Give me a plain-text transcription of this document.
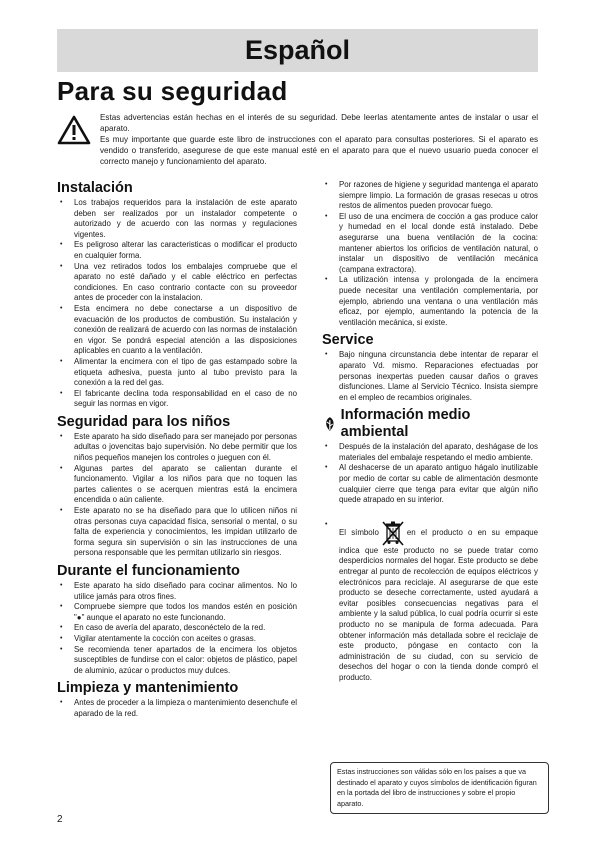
Español
Para su seguridad

Estas advertencias están hechas en el interés de su seguridad. Debe leerlas atentamente antes de instalar o usar el aparato.

Es muy importante que guarde este libro de instrucciones con el aparato para consultas posteriores. Si el aparato es vendido o transferido, asegurese de que este manual esté en el aparato para que el nuevo usuario pueda conocer el correcto manejo y funcionamiento del aparato.

Instalación
• Los trabajos requeridos para la instalación de este aparato deben ser realizados por un instalador competente o autorizado y de acuerdo con las normas y regulaciones vigentes.
• Es peligroso alterar las caracteristicas o modificar el producto en cualquier forma.
• Una vez retirados todos los embalajes compruebe que el aparato no esté dañado y el cable eléctrico en perfectas condiciones. En caso contrario contacte con su proveedor antes de proceder con la instalacion.
• Esta encimera no debe conectarse a un dispositivo de evacuación de los productos de combustión. Su instalación y conexión de realizará de acuerdo con las normas de instalación en vigor. Se pondrá especial atención a las disposiciones aplicables en cuanto a la ventilación.
• Alimentar la encimera con el tipo de gas estampado sobre la etiqueta adhesiva, puesta junto al tubo previsto para la conexión a la red del gas.
• El fabricante declina toda responsabilidad en el caso de no seguir las normas en vigor.
Seguridad para los niños
• Este aparato ha sido diseñado para ser manejado por personas adultas o jovencitas bajo supervisión. No debe permitir que los niños pequeños manejen los controles o jueguen con él.
• Algunas partes del aparato se calientan durante el funcionamento. Vigilar a los niños para que no toquen las partes calientes o se acerquen mientras está la encimera encendida o aún caliente.
• Este aparato no se ha diseñado para que lo utilicen niños ni otras personas cuya capacidad física, sensorial o mental, o su falta de experiencia y conocimientos, les impidan utilizarlo de forma segura sin supervisión o sin las instrucciones de una persona responsable que les permitan utilizarlo sin riesgos.
Durante el funcionamiento
• Este aparato ha sido diseñado para cocinar alimentos. No lo utilice jamás para otros fines.
• Compruebe siempre que todos los mandos estén en posición "●" aunque el aparato no este funcionando.
• En caso de avería del aparato, desconéctelo de la red.
• Vigilar atentamente la cocción con aceites o grasas.
• Se recomienda tener apartados de la encimera los objetos susceptibles de fundirse con el calor: objetos de plástico, papel de aluminio, azúcar o productos muy dulces.
Limpieza y mantenimiento
• Antes de proceder a la limpieza o mantenimiento desenchufe el aparado de la red.
• Por razones de higiene y seguridad mantenga el aparato siempre limpio. La formación de grasas resecas u otros restos de alimentos pueden provocar fuego.
• El uso de una encimera de cocción a gas produce calor y humedad en el local donde está instalado. Debe asegurarse una buena ventilación de la cocina: mantener abiertos los orificios de ventilación natural, o instalar un dispositivo de ventilación mecánica (campana extractora).
• La utilización intensa y prolongada de la encimera puede necesitar una ventilación complementaria, por ejemplo, abriendo una ventana o una ventilación más eficaz, por ejemplo, aumentando la potencia de la ventilación mecánica, si existe.
Service
• Bajo ninguna circunstancia debe intentar de reparar el aparato Vd. mismo. Reparaciones efectuadas por personas inexpertas pueden causar daños o graves disfunciones. Llame al Servicio Técnico. Insista siempre en el empleo de recambios originales.
Información medio ambiental
• Después de la instalación del aparato, deshágase de los materiales del embalaje respetando el medio ambiente.
• Al deshacerse de un aparato antiguo hágalo inutilizable por medio de cortar su cable de alimentación desmonte cualquier cierre que tenga para evitar que algún niño quede atrapado en su interior.
• El símbolo	en el producto o en su empaque indica que este producto no se puede tratar como desperdicios normales del hogar. Este producto se debe entregar al punto de recolección de equipos eléctricos y electrónicos para reciclaje. Al asegurarse de que este producto se deseche correctamente, usted ayudará a evitar posibles consecuencias negativas para el ambiente y la salud pública, lo cual podría ocurrir si este producto no se manipula de forma adecuada. Para obtener información más detallada sobre el reciclaje de este producto, póngase en contacto con la administración de su ciudad, con su servicio de desechos del hogar o con la tienda donde compró el producto.
Estas instrucciones son válidas sólo en los países a que va destinado el aparato y cuyos símbolos de identificación figuran en la portada del libro de instrucciones y sobre el propio aparato.
2
